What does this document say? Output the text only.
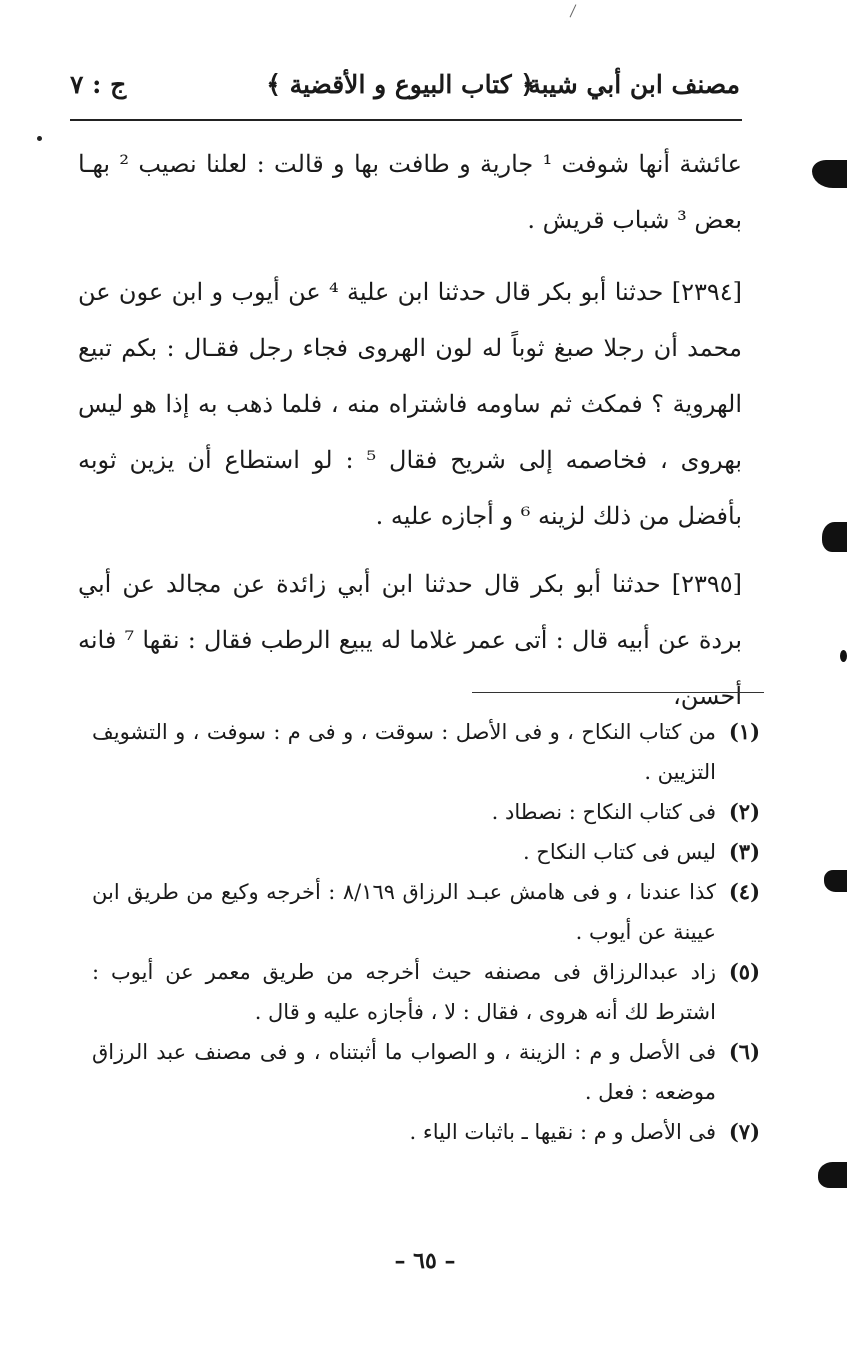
مصنف ابن أبي شيبة
﴿ كتاب البيوع و الأقضية ﴾
ج : ٧

عائشة أنها شوفت ¹ جارية و طافت بها و قالت : لعلنا نصيب ² بهـا بعض ³ شباب قريش .

[٢٣٩٤] حدثنا أبو بكر قال حدثنا ابن علية ⁴ عن أيوب و ابن عون عن محمد أن رجلا صبغ ثوباً له لون الهروى فجاء رجل فقـال : بكم تبيع الهروية ؟ فمكث ثم ساومه فاشتراه منه ، فلما ذهب به إذا هو ليس بهروى ، فخاصمه إلى شريح فقال ⁵ : لو استطاع أن يزين ثوبه بأفضل من ذلك لزينه ⁶ و أجازه عليه .

[٢٣٩٥] حدثنا أبو بكر قال حدثنا ابن أبي زائدة عن مجالد عن أبي بردة عن أبيه قال : أتى عمر غلاما له يبيع الرطب فقال : نقها ⁷ فانه أحسن،

(١)
من كتاب النكاح ، و فى الأصل : سوقت ، و فى م : سوفت ، و التشويف التزيين .
(٢)
فى كتاب النكاح : نصطاد .
(٣)
ليس فى كتاب النكاح .
(٤)
كذا عندنا ، و فى هامش عبـد الرزاق ٨/١٦٩ : أخرجه وكيع من طريق ابن عيينة عن أيوب .
(٥)
زاد عبدالرزاق فى مصنفه حيث أخرجه من طريق معمر عن أيوب : اشترط لك أنه هروى ، فقال : لا ، فأجازه عليه و قال .
(٦)
فى الأصل و م : الزينة ، و الصواب ما أثبتناه ، و فى مصنف عبد الرزاق موضعه : فعل .
(٧)
فى الأصل و م : نقيها ـ باثبات الياء .
– ٦٥ –
